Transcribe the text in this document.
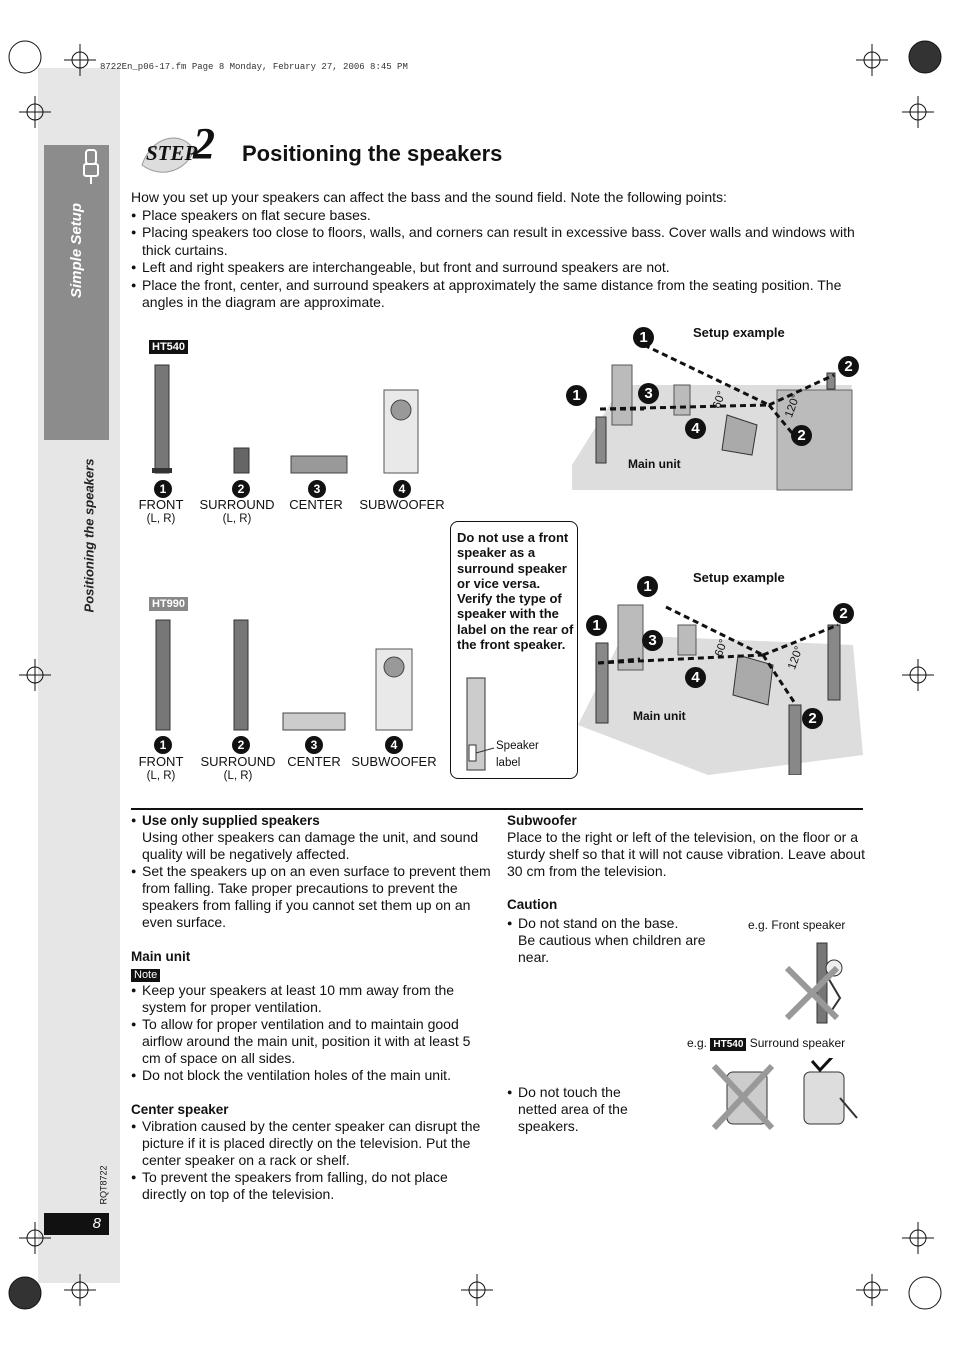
Simple Setup
Positioning the speakers
RQT8722
8
8722En_p06-17.fm Page 8 Monday, February 27, 2006 8:45 PM
STEP
2 Positioning the speakers
How you set up your speakers can affect the bass and the sound field. Note the following points:
● Place speakers on flat secure bases.
● Placing speakers too close to floors, walls, and corners can result in excessive bass. Cover walls and windows with thick curtains.
● Left and right speakers are interchangeable, but front and surround speakers are not.
● Place the front, center, and surround speakers at approximately the same distance from the seating position. The angles in the diagram are approximate.
HT540
1	2	3	4
FRONT
(L, R)
SURROUND
(L, R)
CENTER	SUBWOOFER
HT990
1	2	3	4
FRONT
(L, R)
SURROUND
(L, R)
CENTER SUBWOOFER
Setup example
1
1	3
4
2
2
60°	120°
Main unit
Do not use a front speaker as a surround speaker or vice versa. Verify the type of speaker with the label on the rear of the front speaker.
Speaker
label
Setup example
1
1
3
4
2
2
60°	120°
Main unit
● Use only supplied speakers
Using other speakers can damage the unit, and sound quality will be negatively affected.
● Set the speakers up on an even surface to prevent them from falling. Take proper precautions to prevent the speakers from falling if you cannot set them up on an even surface.
Main unit
Note
● Keep your speakers at least 10 mm away from the system for proper ventilation.
● To allow for proper ventilation and to maintain good airflow around the main unit, position it with at least 5 cm of space on all sides.
● Do not block the ventilation holes of the main unit.
Center speaker
● Vibration caused by the center speaker can disrupt the picture if it is placed directly on the television. Put the center speaker on a rack or shelf.
● To prevent the speakers from falling, do not place directly on top of the television.
Subwoofer
Place to the right or left of the television, on the floor or a sturdy shelf so that it will not cause vibration. Leave about 30 cm from the television.
Caution
● Do not stand on the base.
Be cautious when children are near.
e.g. Front speaker
● Do not touch the netted area of the speakers.
e.g. HT540 Surround speaker
